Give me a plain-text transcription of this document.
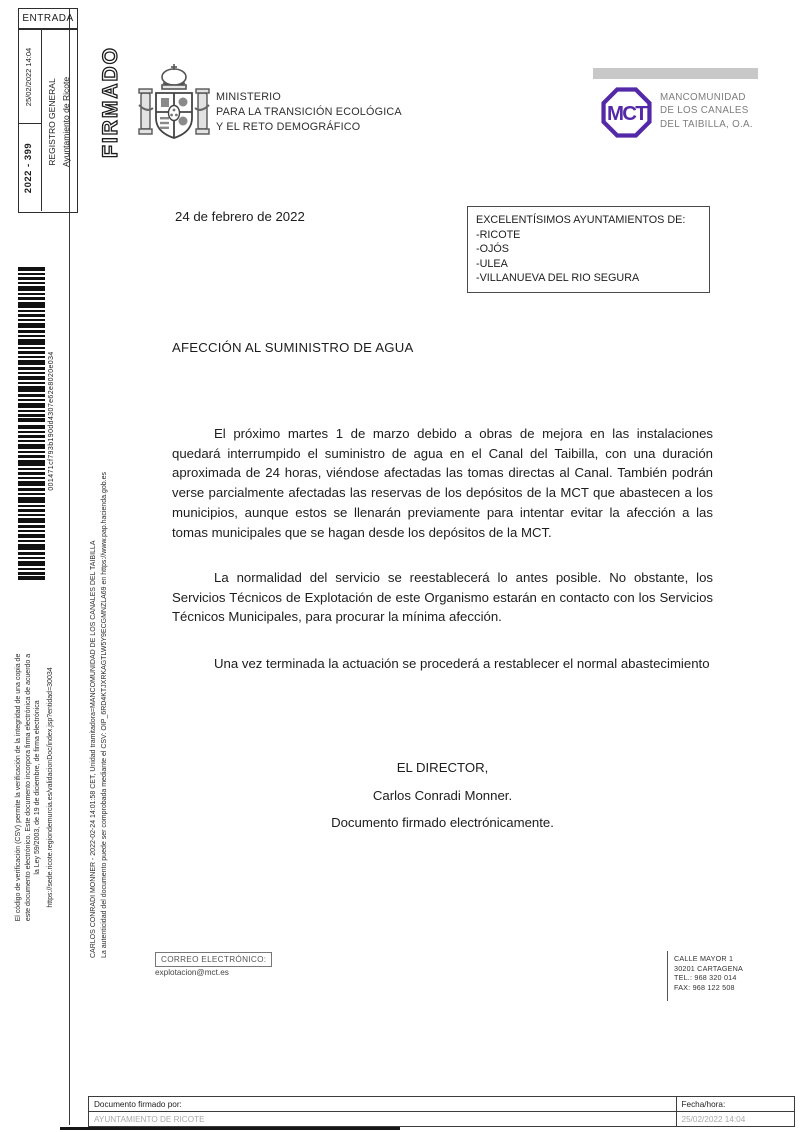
ENTRADA
25/02/2022 14:04
2022 - 399
REGISTRO GENERAL Ayuntamiento de Ricote FIRMADO
001471cf793b190dd4307e62e8020e034
El código de verificación (CSV) permite la verificación de la integridad de una copia de este documento electrónico. Este documento incorpora firma electrónica de acuerdo a la Ley 59/2003, de 19 de diciembre, de firma electrónica https://sede.ricote.regiondemurcia.es/validacionDoc/index.jsp?entidad=30034	CARLOS CONRADI MONNER - 2022-02-24 14:01:58 CET, Unidad tramitadora=MANCOMUNIDAD DE LOS CANALES DEL TAIBILLA La autenticidad del documento puede ser comprobada mediante el CSV: OIP_6RD4KTJXRKAGTLW5Y9ECGMNZLA69 en https://www.pap.hacienda.gob.es
MINISTERIO
PARA LA TRANSICIÓN ECOLÓGICA
Y EL RETO DEMOGRÁFICO
MCT
MANCOMUNIDAD
DE LOS CANALES
DEL TAIBILLA, O.A.
24 de febrero de 2022	EXCELENTÍSIMOS AYUNTAMIENTOS DE:
-RICOTE
-OJÓS
-ULEA
-VILLANUEVA DEL RIO SEGURA
AFECCIÓN AL SUMINISTRO DE AGUA
El próximo martes 1 de marzo debido a obras de mejora en las instalaciones quedará interrumpido el suministro de agua en el Canal del Taibilla, con una duración aproximada de 24 horas, viéndose afectadas las tomas directas al Canal. También podrán verse parcialmente afectadas las reservas de los depósitos de la MCT que abastecen a los municipios, aunque estos se llenarán previamente para intentar evitar la afección a las tomas municipales que se hagan desde los depósitos de la MCT.
La normalidad del servicio se reestablecerá lo antes posible. No obstante, los Servicios Técnicos de Explotación de este Organismo estarán en contacto con los Servicios Técnicos Municipales, para procurar la mínima afección.
Una vez terminada la actuación se procederá a restablecer el normal abastecimiento
EL DIRECTOR,
Carlos Conradi Monner.
Documento firmado electrónicamente.
CORREO ELECTRÓNICO:
explotacion@mct.es
CALLE MAYOR 1
30201 CARTAGENA
TEL.: 968 320 014
FAX: 968 122 508
Documento firmado por:	Fecha/hora:
AYUNTAMIENTO DE RICOTE	25/02/2022 14:04
